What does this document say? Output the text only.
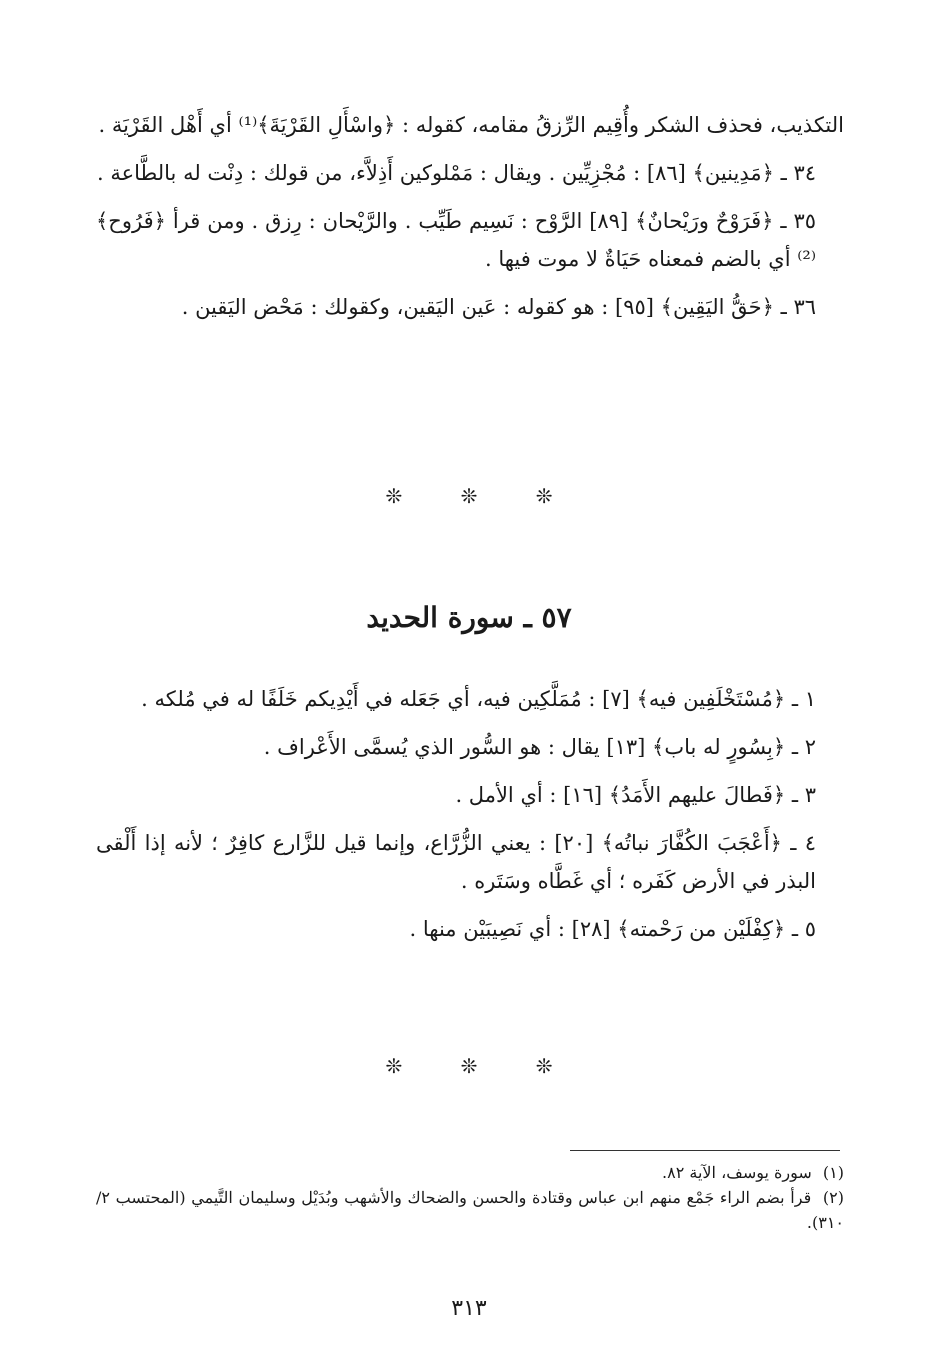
التكذيب، فحذف الشكر وأُقِيم الرِّزقُ مقامه، كقوله : ﴿واسْأَلِ القَرْيَةَ﴾⁽¹⁾ أي أَهْل القَرْيَة .

٣٤ ـ ﴿مَدِينين﴾ [٨٦] : مُجْزِيِّين . ويقال : مَمْلوكين أَذِلاَّء، من قولك : دِنْت له بالطَّاعة .

٣٥ ـ ﴿فَرَوْحٌ ورَيْحانٌ﴾ [٨٩] الرَّوْح : نَسِيم طَيِّب . والرَّيْحان : رِزق . ومن قرأ ﴿فَرُوح﴾⁽²⁾ أي بالضم فمعناه حَيَاةٌ لا موت فيها .

٣٦ ـ ﴿حَقُّ اليَقِين﴾ [٩٥] : هو كقوله : عَين اليَقين، وكقولك : مَحْض اليَقين .

❊	❊	❊
٥٧ ـ سورة الحديد

١ ـ ﴿مُسْتَخْلَفِين فيه﴾ [٧] : مُمَلَّكِين فيه، أي جَعَله في أَيْدِيكم خَلَفًا له في مُلكه .

٢ ـ ﴿بِسُورٍ له باب﴾ [١٣] يقال : هو السُّور الذي يُسمَّى الأَعْراف .

٣ ـ ﴿فَطالَ عليهم الأَمَدُ﴾ [١٦] : أي الأمل .

٤ ـ ﴿أَعْجَبَ الكُفَّارَ نباتُه﴾ [٢٠] : يعني الزُّرَّاع، وإنما قيل للزَّارع كافِرٌ ؛ لأنه إذا أَلْقى البذر في الأرض كَفَره ؛ أي غَطَّاه وسَتَره .

٥ ـ ﴿كِفْلَيْن من رَحْمته﴾ [٢٨] : أي نَصِيبَيْن منها .

❊	❊	❊

(١) سورة يوسف، الآية ٨٢.

(٢) قرأ بضم الراء جَمْع منهم ابن عباس وقتادة والحسن والضحاك والأشهب وبُدَيْل وسليمان التَّيمي (المحتسب ٢/ ٣١٠).

٣١٣
